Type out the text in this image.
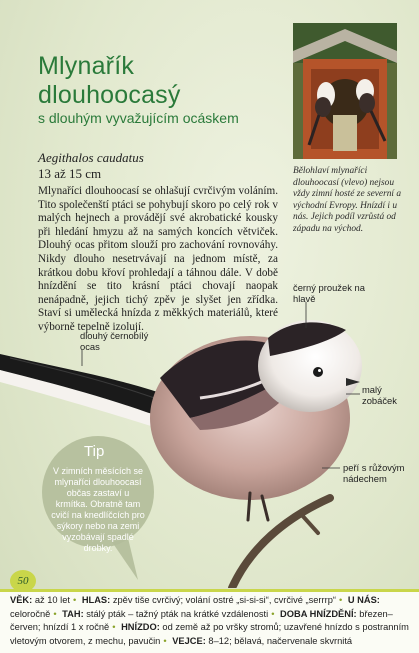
Mlynařík
dlouhoocasý
s dlouhým vyvažujícím ocáskem
Aegithalos caudatus
13 až 15 cm
Mlynaříci dlouhoocasí se ohlašují cvrčivým voláním. Tito společenští ptáci se pohybují skoro po celý rok v malých hejnech a provádějí své akrobatické kousky při hledání hmyzu až na samých koncích větviček. Dlouhý ocas přitom slouží pro zachování rovnováhy. Nikdy dlouho nesetrvávají na jednom místě, za krátkou dobu křoví prohledají a táhnou dále. V době hnízdění se tito krásní ptáci chovají naopak nenápadně, jejich tichý zpěv je slyšet jen zřídka. Staví si umělecká hnízda z měkkých materiálů, které výborně tepelně izolují.
Bělohlaví mlynaříci dlouhoocasí (vlevo) nejsou vždy zimní hosté ze severní a východní Evropy. Hnízdí i u nás. Jejich podíl vzrůstá od západu na východ.
černý proužek na hlavě
dlouhý černobílý ocas
malý zobáček
peří s růžovým nádechem
Tip
V zimních měsících se mlynaříci dlouhoocasí občas zastaví u krmítka. Obratně tam cvičí na knedlíčcích pro sýkory nebo na zemi vyzobávají spadlé drobky.
50
VĚK: až 10 let • HLAS: zpěv tiše cvrčivý; volání ostré „si-si-si“, cvrčivé „serrrp“ • U NÁS: celoročně • TAH: stálý pták – tažný pták na krátké vzdálenosti • DOBA HNÍZDĚNÍ: březen–červen; hnízdí 1 x ročně • HNÍZDO: od země až po vršky stromů; uzavřené hnízdo s postranním vletovým otvorem, z mechu, pavučin • VEJCE: 8–12; bělavá, načervenale skvrnitá
